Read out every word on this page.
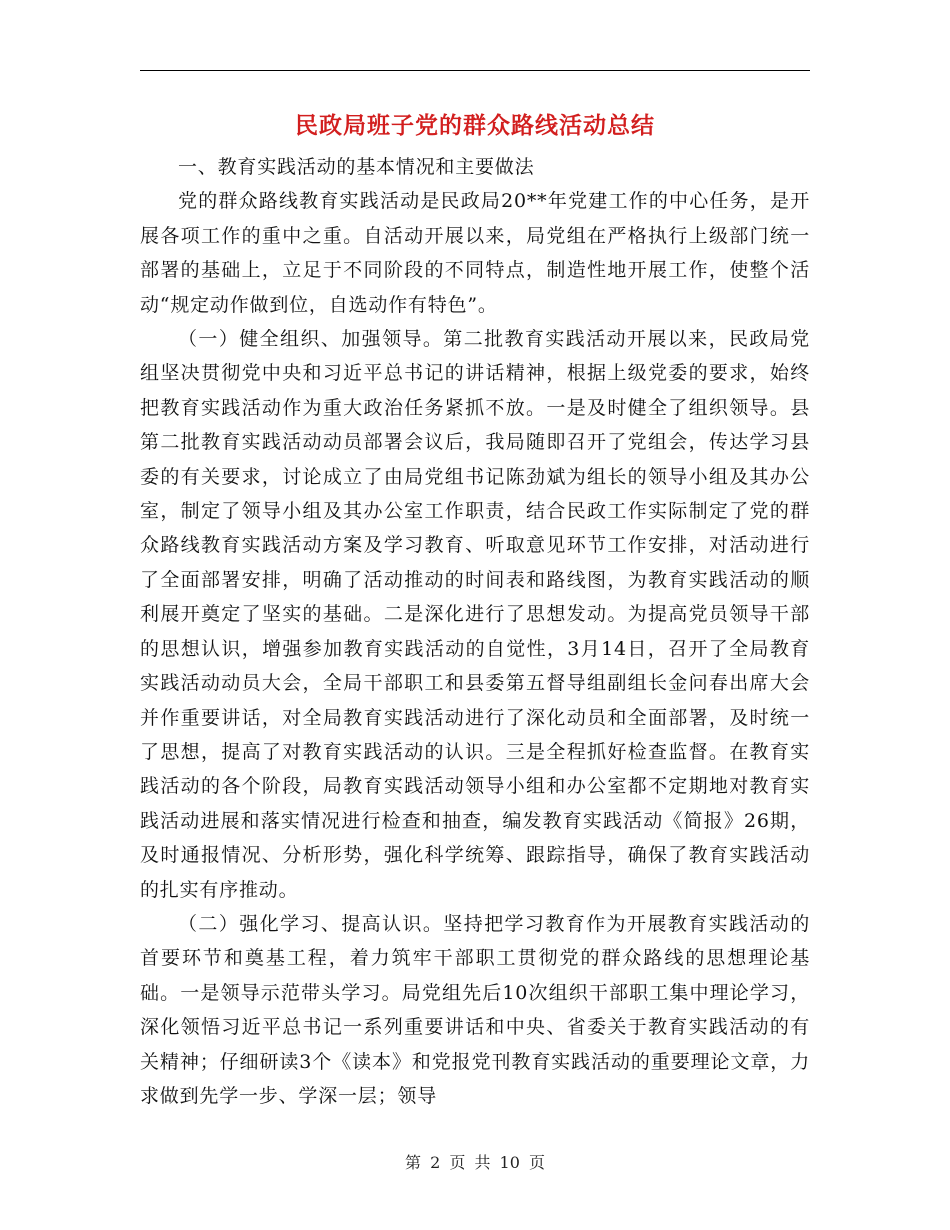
民政局班子党的群众路线活动总结

一、教育实践活动的基本情况和主要做法

党的群众路线教育实践活动是民政局20**年党建工作的中心任务，是开展各项工作的重中之重。自活动开展以来，局党组在严格执行上级部门统一部署的基础上，立足于不同阶段的不同特点，制造性地开展工作，使整个活动“规定动作做到位，自选动作有特色”。

（一）健全组织、加强领导。第二批教育实践活动开展以来，民政局党组坚决贯彻党中央和习近平总书记的讲话精神，根据上级党委的要求，始终把教育实践活动作为重大政治任务紧抓不放。一是及时健全了组织领导。县第二批教育实践活动动员部署会议后，我局随即召开了党组会，传达学习县委的有关要求，讨论成立了由局党组书记陈劲斌为组长的领导小组及其办公室，制定了领导小组及其办公室工作职责，结合民政工作实际制定了党的群众路线教育实践活动方案及学习教育、听取意见环节工作安排，对活动进行了全面部署安排，明确了活动推动的时间表和路线图，为教育实践活动的顺利展开奠定了坚实的基础。二是深化进行了思想发动。为提高党员领导干部的思想认识，增强参加教育实践活动的自觉性，3月14日，召开了全局教育实践活动动员大会，全局干部职工和县委第五督导组副组长金问春出席大会并作重要讲话，对全局教育实践活动进行了深化动员和全面部署，及时统一了思想，提高了对教育实践活动的认识。三是全程抓好检查监督。在教育实践活动的各个阶段，局教育实践活动领导小组和办公室都不定期地对教育实践活动进展和落实情况进行检查和抽查，编发教育实践活动《简报》26期，及时通报情况、分析形势，强化科学统筹、跟踪指导，确保了教育实践活动的扎实有序推动。

（二）强化学习、提高认识。坚持把学习教育作为开展教育实践活动的首要环节和奠基工程，着力筑牢干部职工贯彻党的群众路线的思想理论基础。一是领导示范带头学习。局党组先后10次组织干部职工集中理论学习，深化领悟习近平总书记一系列重要讲话和中央、省委关于教育实践活动的有关精神；仔细研读3个《读本》和党报党刊教育实践活动的重要理论文章，力求做到先学一步、学深一层；领导

第 2 页 共 10 页
